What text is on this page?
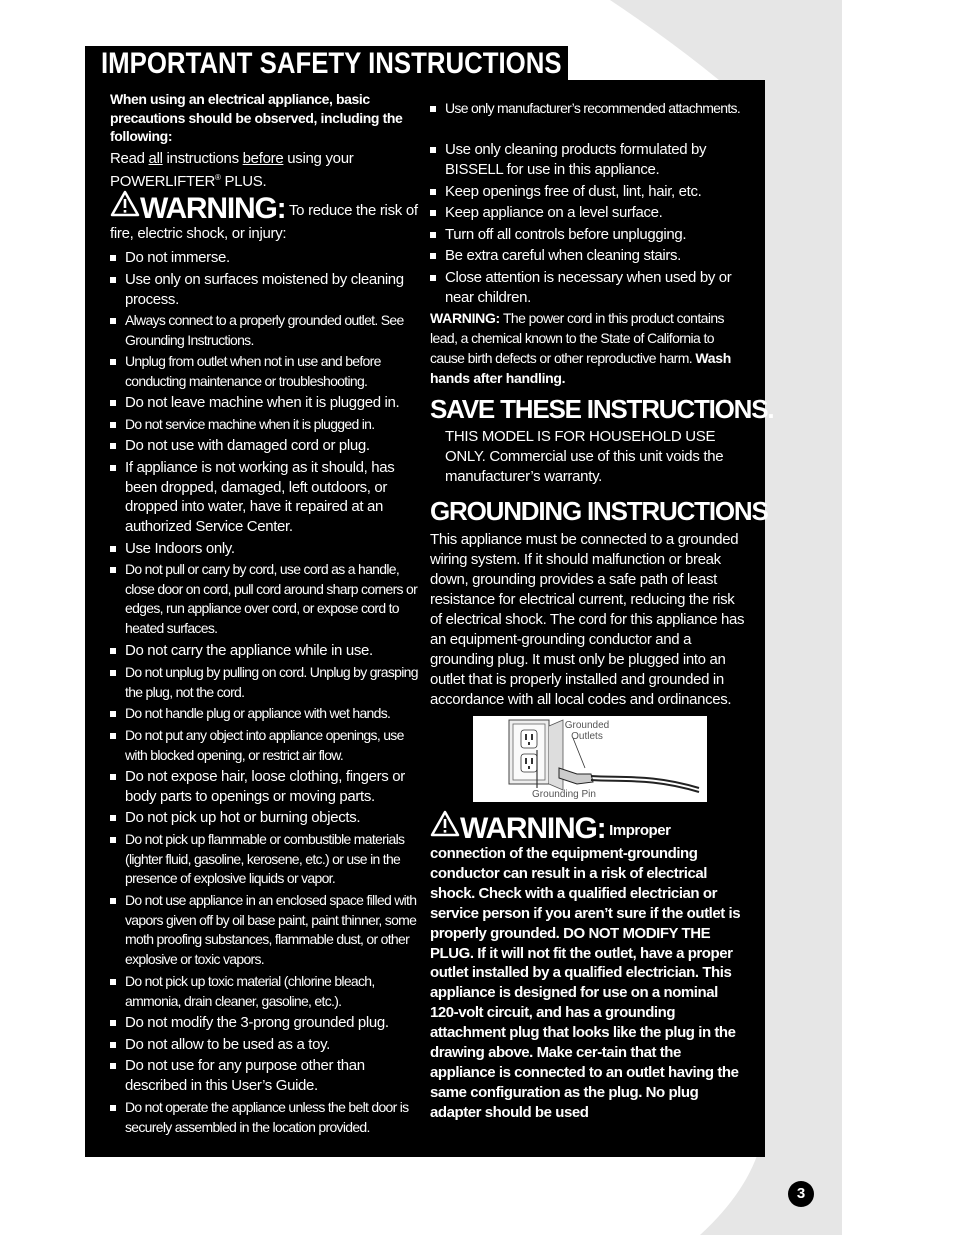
IMPORTANT SAFETY INSTRUCTIONS
When using an electrical appliance, basic precautions should be observed, including the following:
Read all instructions before using your POWERLIFTER® PLUS.
WARNING: To reduce the risk of fire, electric shock, or injury:
Do not immerse.
Use only on surfaces moistened by cleaning process.
Always connect to a properly grounded outlet. See Grounding Instructions.
Unplug from outlet when not in use and before conducting maintenance or troubleshooting.
Do not leave machine when it is plugged in.
Do not service machine when it is plugged in.
Do not use with damaged cord or plug.
If appliance is not working as it should, has been dropped, damaged, left outdoors, or dropped into water, have it repaired at an authorized Service Center.
Use Indoors only.
Do not pull or carry by cord, use cord as a handle, close door on cord, pull cord around sharp corners or edges, run appliance over cord, or expose cord to heated surfaces.
Do not carry the appliance while in use.
Do not unplug by pulling on cord. Unplug by grasping the plug, not the cord.
Do not handle plug or appliance with wet hands.
Do not put any object into appliance openings, use with blocked opening, or restrict air flow.
Do not expose hair, loose clothing, fingers or body parts to openings or moving parts.
Do not pick up hot or burning objects.
Do not pick up flammable or combustible materials (lighter fluid, gasoline, kerosene, etc.) or use in the presence of explosive liquids or vapor.
Do not use appliance in an enclosed space filled with vapors given off by oil base paint, paint thinner, some moth proofing substances, flammable dust, or other explosive or toxic vapors.
Do not pick up toxic material (chlorine bleach, ammonia, drain cleaner, gasoline, etc.).
Do not modify the 3-prong grounded plug.
Do not allow to be used as a toy.
Do not use for any purpose other than described in this User’s Guide.
Do not operate the appliance unless the belt door is securely assembled in the location provided.
Use only manufacturer’s recommended attachments.
Use only cleaning products formulated by BISSELL for use in this appliance.
Keep openings free of dust, lint, hair, etc.
Keep appliance on a level surface.
Turn off all controls before unplugging.
Be extra careful when cleaning stairs.
Close attention is necessary when used by or near children.
WARNING: The power cord in this product contains lead, a chemical known to the State of California to cause birth defects or other reproductive harm. Wash hands after handling.
SAVE THESE INSTRUCTIONS.
THIS MODEL IS FOR HOUSEHOLD USE ONLY. Commercial use of this unit voids the manufacturer’s warranty.
GROUNDING INSTRUCTIONS
This appliance must be connected to a grounded wiring system. If it should malfunction or break down, grounding provides a safe path of least resistance for electrical current, reducing the risk of electrical shock. The cord for this appliance has an equipment-grounding conductor and a grounding plug. It must only be plugged into an outlet that is properly installed and grounded in accordance with all local codes and ordinances.
Grounded
Outlets
Grounding Pin
WARNING: Improper connection of the equipment-grounding conductor can result in a risk of electrical shock. Check with a qualified electrician or service person if you aren’t sure if the outlet is properly grounded. DO NOT MODIFY THE PLUG. If it will not fit the outlet, have a proper outlet installed by a qualified electrician. This appliance is designed for use on a nominal 120-volt circuit, and has a grounding attachment plug that looks like the plug in the drawing above. Make cer-tain that the appliance is connected to an outlet having the same configuration as the plug. No plug adapter should be used
3
